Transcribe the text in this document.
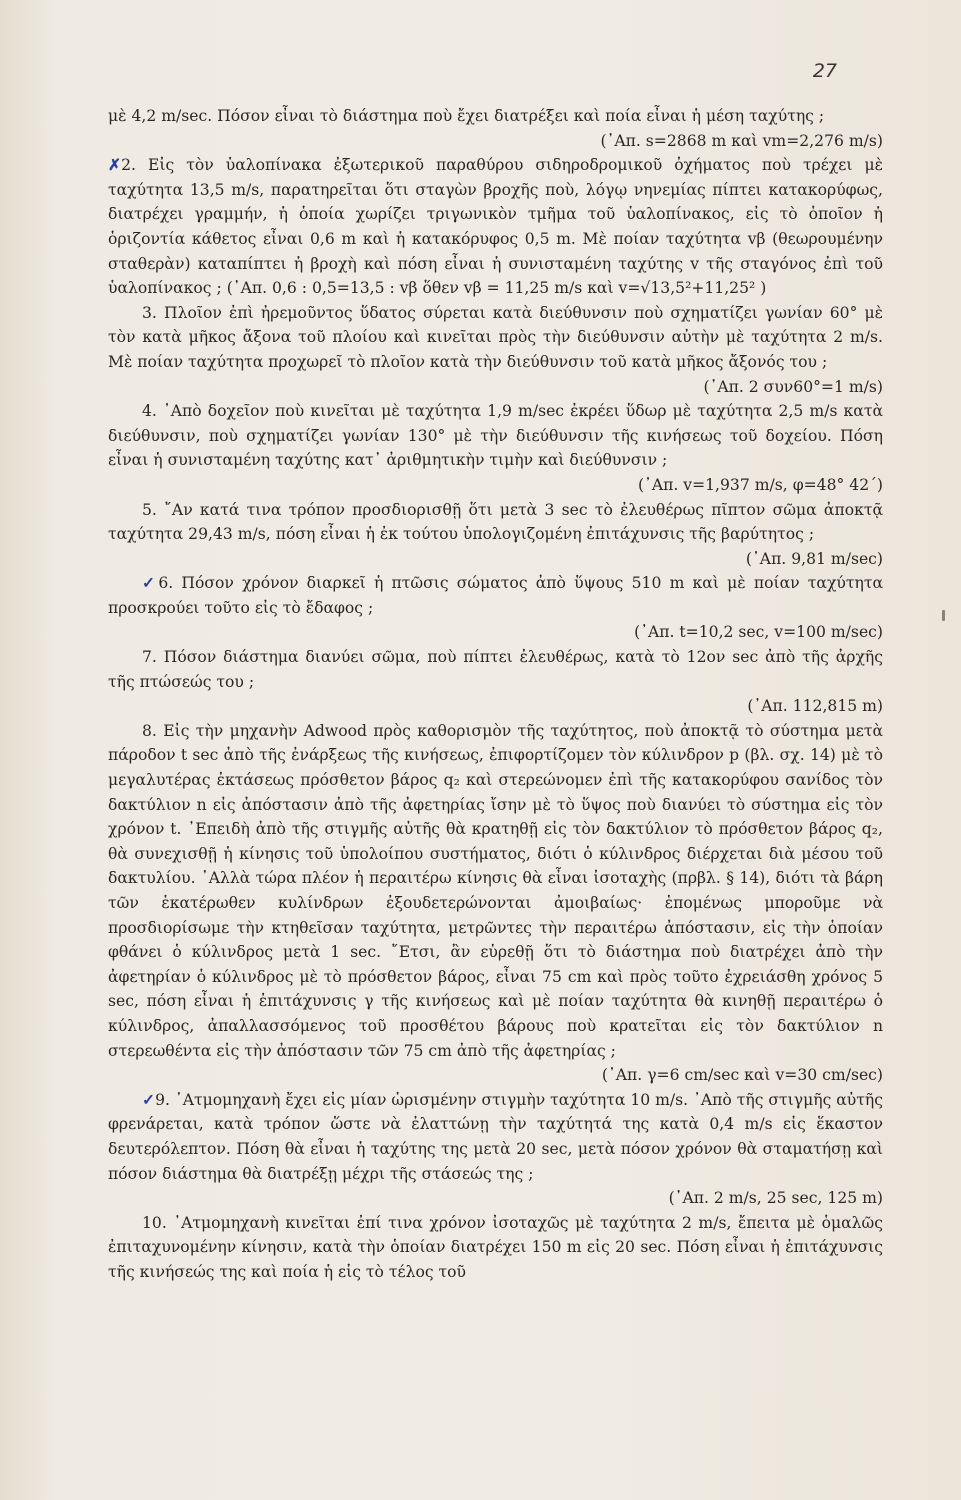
27

μὲ 4,2 m/sec. Πόσον εἶναι τὸ διάστημα ποὺ ἔχει διατρέξει καὶ ποία εἶναι ἡ μέση ταχύτης ;
(᾿Απ. s=2868 m καὶ vm=2,276 m/s)

✗2. Εἰς τὸν ὑαλοπίνακα ἐξωτερικοῦ παραθύρου σιδηροδρομικοῦ ὀχήματος ποὺ τρέχει μὲ ταχύτητα 13,5 m/s, παρατηρεῖται ὅτι σταγὼν βροχῆς ποὺ, λόγῳ νηνεμίας πίπτει κατακορύφως, διατρέχει γραμμήν, ἡ ὁποία χωρίζει τριγωνικὸν τμῆμα τοῦ ὑαλοπίνακος, εἰς τὸ ὁποῖον ἡ ὁριζοντία κάθετος εἶναι 0,6 m καὶ ἡ κατακόρυφος 0,5 m. Μὲ ποίαν ταχύτητα vβ (θεωρουμένην σταθερὰν) καταπίπτει ἡ βροχὴ καὶ πόση εἶναι ἡ συνισταμένη ταχύτης v τῆς σταγόνος ἐπὶ τοῦ ὑαλοπίνακος ; (᾿Απ. 0,6 : 0,5=13,5 : vβ ὅθεν vβ = 11,25 m/s καὶ v=√13,5²+11,25² )

3. Πλοῖον ἐπὶ ἠρεμοῦντος ὕδατος σύρεται κατὰ διεύθυνσιν ποὺ σχηματίζει γωνίαν 60° μὲ τὸν κατὰ μῆκος ἄξονα τοῦ πλοίου καὶ κινεῖται πρὸς τὴν διεύθυνσιν αὐτὴν μὲ ταχύτητα 2 m/s. Μὲ ποίαν ταχύτητα προχωρεῖ τὸ πλοῖον κατὰ τὴν διεύθυνσιν τοῦ κατὰ μῆκος ἄξονός του ;
(᾿Απ. 2 συν60°=1 m/s)

4. ᾿Απὸ δοχεῖον ποὺ κινεῖται μὲ ταχύτητα 1,9 m/sec ἐκρέει ὕδωρ μὲ ταχύτητα 2,5 m/s κατὰ διεύθυνσιν, ποὺ σχηματίζει γωνίαν 130° μὲ τὴν διεύθυνσιν τῆς κινήσεως τοῦ δοχείου. Πόση εἶναι ἡ συνισταμένη ταχύτης κατ᾿ ἀριθμητικὴν τιμὴν καὶ διεύθυνσιν ;
(᾿Απ. v=1,937 m/s, φ=48° 42΄)

5. ῎Αν κατά τινα τρόπον προσδιορισθῇ ὅτι μετὰ 3 sec τὸ ἐλευθέρως πῖπτον σῶμα ἀποκτᾷ ταχύτητα 29,43 m/s, πόση εἶναι ἡ ἐκ τούτου ὑπολογιζομένη ἐπιτάχυνσις τῆς βαρύτητος ;
(᾿Απ. 9,81 m/sec)

✓6. Πόσον χρόνον διαρκεῖ ἡ πτῶσις σώματος ἀπὸ ὕψους 510 m καὶ μὲ ποίαν ταχύτητα προσκρούει τοῦτο εἰς τὸ ἔδαφος ;
(᾿Απ. t=10,2 sec, v=100 m/sec)

7. Πόσον διάστημα διανύει σῶμα, ποὺ πίπτει ἐλευθέρως, κατὰ τὸ 12ον sec ἀπὸ τῆς ἀρχῆς τῆς πτώσεώς του ;
(᾿Απ. 112,815 m)

8. Εἰς τὴν μηχανὴν Adwood πρὸς καθορισμὸν τῆς ταχύτητος, ποὺ ἀποκτᾷ τὸ σύστημα μετὰ πάροδον t sec ἀπὸ τῆς ἐνάρξεως τῆς κινήσεως, ἐπιφορτίζομεν τὸν κύλινδρον p (βλ. σχ. 14) μὲ τὸ μεγαλυτέρας ἐκτάσεως πρόσθετον βάρος q₂ καὶ στερεώνομεν ἐπὶ τῆς κατακορύφου σανίδος τὸν δακτύλιον n εἰς ἀπόστασιν ἀπὸ τῆς ἀφετηρίας ἴσην μὲ τὸ ὕψος ποὺ διανύει τὸ σύστημα εἰς τὸν χρόνον t. ᾿Επειδὴ ἀπὸ τῆς στιγμῆς αὐτῆς θὰ κρατηθῇ εἰς τὸν δακτύλιον τὸ πρόσθετον βάρος q₂, θὰ συνεχισθῇ ἡ κίνησις τοῦ ὑπολοίπου συστήματος, διότι ὁ κύλινδρος διέρχεται διὰ μέσου τοῦ δακτυλίου. ᾿Αλλὰ τώρα πλέον ἡ περαιτέρω κίνησις θὰ εἶναι ἰσοταχὴς (πρβλ. § 14), διότι τὰ βάρη τῶν ἑκατέρωθεν κυλίνδρων ἐξουδετερώνονται ἀμοιβαίως· ἑπομένως μποροῦμε νὰ προσδιορίσωμε τὴν κτηθεῖσαν ταχύτητα, μετρῶντες τὴν περαιτέρω ἀπόστασιν, εἰς τὴν ὁποίαν φθάνει ὁ κύλινδρος μετὰ 1 sec. ῎Ετσι, ἂν εὑρεθῇ ὅτι τὸ διάστημα ποὺ διατρέχει ἀπὸ τὴν ἀφετηρίαν ὁ κύλινδρος μὲ τὸ πρόσθετον βάρος, εἶναι 75 cm καὶ πρὸς τοῦτο ἐχρειάσθη χρόνος 5 sec, πόση εἶναι ἡ ἐπιτάχυνσις γ τῆς κινήσεως καὶ μὲ ποίαν ταχύτητα θὰ κινηθῇ περαιτέρω ὁ κύλινδρος, ἀπαλλασσόμενος τοῦ προσθέτου βάρους ποὺ κρατεῖται εἰς τὸν δακτύλιον n στερεωθέντα εἰς τὴν ἀπόστασιν τῶν 75 cm ἀπὸ τῆς ἀφετηρίας ;
(᾿Απ. γ=6 cm/sec καὶ v=30 cm/sec)

✓9. ᾿Ατμομηχανὴ ἔχει εἰς μίαν ὡρισμένην στιγμὴν ταχύτητα 10 m/s. ᾿Απὸ τῆς στιγμῆς αὐτῆς φρενάρεται, κατὰ τρόπον ὥστε νὰ ἐλαττώνῃ τὴν ταχύτητά της κατὰ 0,4 m/s εἰς ἕκαστον δευτερόλεπτον. Πόση θὰ εἶναι ἡ ταχύτης της μετὰ 20 sec, μετὰ πόσον χρόνον θὰ σταματήσῃ καὶ πόσον διάστημα θὰ διατρέξῃ μέχρι τῆς στάσεώς της ;
(᾿Απ. 2 m/s, 25 sec, 125 m)

10. ᾿Ατμομηχανὴ κινεῖται ἐπί τινα χρόνον ἰσοταχῶς μὲ ταχύτητα 2 m/s, ἔπειτα μὲ ὁμαλῶς ἐπιταχυνομένην κίνησιν, κατὰ τὴν ὁποίαν διατρέχει 150 m εἰς 20 sec. Πόση εἶναι ἡ ἐπιτάχυνσις τῆς κινήσεώς της καὶ ποία ἡ εἰς τὸ τέλος τοῦ
